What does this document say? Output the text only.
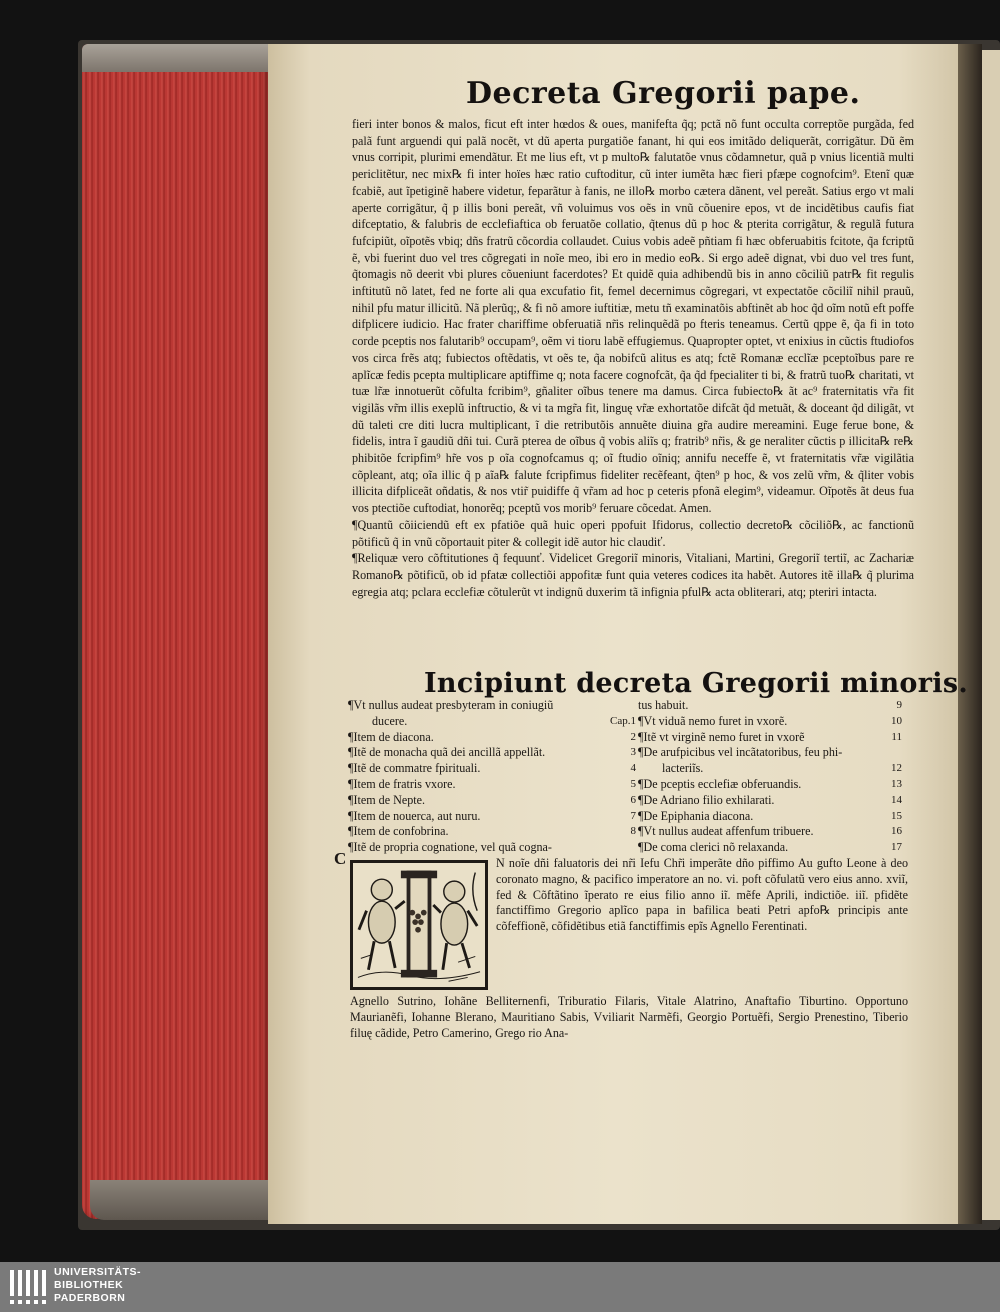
Decreta Gregorii pape.

fieri inter bonos & malos, ficut eft inter hœdos & oues, manifefta q̃q; pctã nõ funt occulta correptõe purgãda, fed palã funt arguendi qui palã nocẽt, vt dũ aperta purgatiõe fanant, hi qui eos imitãdo deliquerãt, corrigãtur. Dũ ẽm vnus corripit, plurimi emendãtur. Et me lius eft, vt p multo℞ falutatõe vnus cõdamnetur, quã p vnius licentiã multi periclitẽtur, nec mix℞ fi inter hoïes hæc ratio cuftoditur, cũ inter iumẽta hæc fieri pfæpe cognofcim⁹. Etenĩ quæ fcabiẽ, aut ĩpetiginẽ habere videtur, feparãtur à fanis, ne illo℞ morbo cætera dãnent, vel pereãt. Satius ergo vt mali aperte corrigãtur, q̃ p illis boni pereãt, vñ voluimus vos oẽs in vnũ cõuenire epos, vt de incidẽtibus caufis fiat difceptatio, & falubris de ecclefiaftica ob feruatõe collatio, q̃tenus dũ p hoc & pterita corrigãtur, & regulã futura fufcipiũt, oĩpotẽs vbiq; dñs fratrũ cõcordia collaudet. Cuius vobis adeẽ pñtiam fi hæc obferuabitis fcitote, q̃a fcriptũ ẽ, vbi fuerint duo vel tres cõgregati in noĩe meo, ibi ero in medio eo℞. Si ergo adeẽ dignat, vbi duo vel tres funt, q̃tomagis nõ deerit vbi plures cõueniunt facerdotes? Et quidẽ quia adhibendũ bis in anno cõciliũ patr℞ fit regulis inftitutũ nõ latet, fed ne forte ali qua excufatio fit, femel decernimus cõgregari, vt expectatõe cõciliĩ nihil prauũ, nihil pfu matur illicitũ. Nã plerũq;, & fi nõ amore iuftitiæ, metu tñ examinatõis abftinẽt ab hoc q̃d oĩm notũ eft poffe difplicere iudicio. Hac frater chariffime obferuatiã nr̃is relinquẽdã po fteris teneamus. Certũ qppe ẽ, q̃a fi in toto corde pceptis nos falutarib⁹ occupam⁹, oẽm vi tioru labẽ effugiemus. Quapropter optet, vt enixius in cũctis ftudiofos vos circa frẽs atq; fubiectos oftẽdatis, vt oẽs te, q̃a nobifcũ alitus es atq; fctẽ Romanæ ecclĩæ pceptoĩbus pare re aplĩcæ fedis pcepta multiplicare aptiffime q; nota facere cognofcãt, q̃a q̃d fpecialiter ti bi, & fratrũ tuo℞ charitati, vt tuæ lr̃æ innotuerũt cõfulta fcribim⁹, gñaliter oĩbus tenere ma damus. Circa fubiecto℞ ãt ac⁹ fraternitatis vr̃a fit vigilãs vr̃m illis exeplũ inftructio, & vi ta mgr̃a fit, linguę vr̃æ exhortatõe difcãt q̃d metuãt, & doceant q̃d diligãt, vt dũ taleti cre diti lucra multiplicant, ĩ die retributõis annuẽte diuina gr̃a audire mereamini. Euge ferue bone, & fidelis, intra ĩ gaudiũ dñi tui. Curã pterea de oĩbus q̃ vobis aliĩs q; fratrib⁹ nr̃is, & ge neraliter cũctis p illicita℞ re℞ phibitõe fcripfim⁹ hr̃e vos p oĩa cognofcamus q; oĩ ftudio oĩniq; annifu neceffe ẽ, vt fraternitatis vr̃æ vigilãtia cõpleant, atq; oĩa illic q̃ p aĩa℞ falute fcripfimus fideliter recẽfeant, q̃ten⁹ p hoc, & vos zelũ vr̃m, & q̃liter vobis illicita difpliceãt oñdatis, & nos vtir̃ puidiffe q̃ vr̃am ad hoc p ceteris pfonã elegim⁹, videamur. Oĩpotẽs ãt deus fua vos ptectiõe cuftodiat, honorẽq; pceptũ vos morib⁹ feruare cõcedat. Amen.

¶Quantũ cõiiciendũ eft ex pfatiõe quã huic operi ppofuit Ifidorus, collectio decreto℞ cõciliõ℞, ac fanctionũ põtificũ q̃ in vnũ cõportauit piter & collegit idẽ autor hic claudiť.

¶Reliquæ vero cõftitutiones q̃ fequunť. Videlicet Gregoriĩ minoris, Vitaliani, Martini, Gregoriĩ tertiĩ, ac Zachariæ Romano℞ põtificũ, ob id pfatæ collectiõi appofitæ funt quia veteres codices ita habẽt. Autores itẽ illa℞ q̃ plurima egregia atq; pclara ecclefiæ cõtulerũt vt indignũ duxerim tã infignia pful℞ acta obliterari, atq; pteriri intacta.

Incipiunt decreta Gregorii minoris.
¶Vt nullus audeat presbyteram in coniugiũ
ducere.	Cap.1
¶Item de diacona.	2
¶Itẽ de monacha quã dei ancillã appellãt.	3
¶Itẽ de commatre fpirituali.	4
¶Item de fratris vxore.	5
¶Item de Nepte.	6
¶Item de nouerca, aut nuru.	7
¶Item de confobrina.	8
¶Itẽ de propria cognatione, vel quã cogna-
tus habuit.	9
¶Vt viduã nemo furet in vxorẽ.	10
¶Itẽ vt virginẽ nemo furet in vxorẽ	11
¶De arufpicibus vel incãtatoribus, feu phi-
lacteriĩs.	12
¶De pceptis ecclefiæ obferuandis.	13
¶De Adriano filio exhilarati.	14
¶De Epiphania diacona.	15
¶Vt nullus audeat affenfum tribuere.	16
¶De coma clerici nõ relaxanda.	17
C	N noĩe dñi faluatoris dei nr̃i Iefu Chr̃i imperãte dño piffimo Au gufto Leone à deo coronato magno, & pacifico imperatore an no. vi. poft cõfulatũ vero eius anno. xviĩ, fed & Cõftãtino ĩperato re eius filio anno iĩ. mẽfe Aprili, indictiõe. iiĩ. pfidẽte fanctiffimo Gregorio aplĩco papa in bafilica beati Petri apfo℞ principis ante cõfeffionẽ, cõfidẽtibus etiã fanctiffimis epĩs Agnello Ferentinati.

Agnello Sutrino, Iohãne Belliternenfi, Triburatio Filaris, Vitale Alatrino, Anaftafio Tiburtino. Opportuno Maurianẽfi, Iohanne Blerano, Mauritiano Sabis, Vviliarit Narmẽfi, Georgio Portuẽfi, Sergio Prenestino, Tiberio filuę cãdide, Petro Camerino, Grego rio Ana-

UNIVERSITÄTS-
BIBLIOTHEK
PADERBORN
